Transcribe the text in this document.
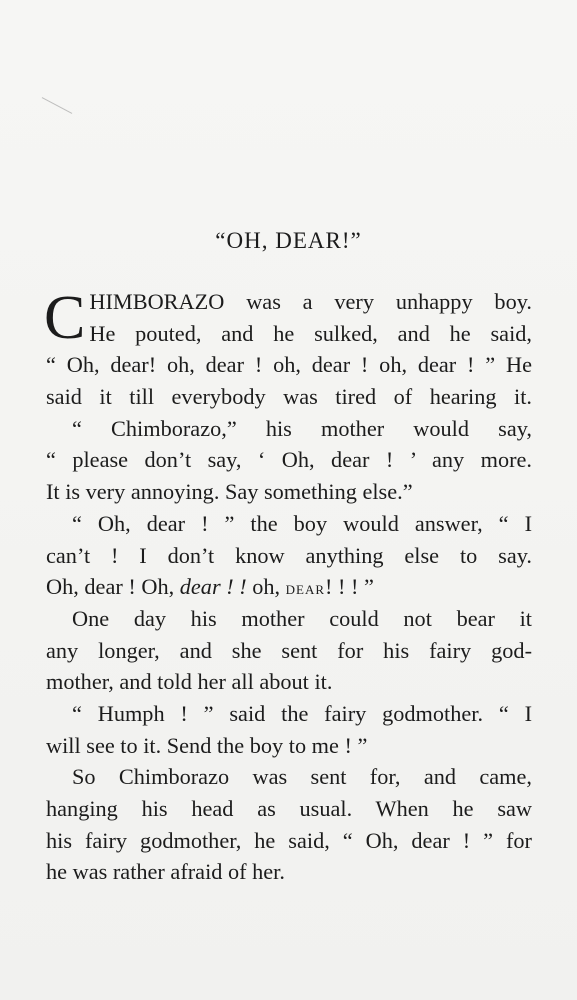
“OH, DEAR!”
C HIMBORAZO was a very unhappy boy.
He pouted, and he sulked, and he said,
“ Oh, dear! oh, dear ! oh, dear ! oh, dear ! ” He
said it till everybody was tired of hearing it.
“ Chimborazo,” his mother would say,
“ please don’t say, ‘ Oh, dear ! ’ any more.
It is very annoying. Say something else.”
“ Oh, dear ! ” the boy would answer, “ I
can’t ! I don’t know anything else to say.
Oh, dear ! Oh, dear ! ! oh, dear! ! ! ”
One day his mother could not bear it
any longer, and she sent for his fairy god-
mother, and told her all about it.
“ Humph ! ” said the fairy godmother. “ I
will see to it. Send the boy to me ! ”
So Chimborazo was sent for, and came,
hanging his head as usual. When he saw
his fairy godmother, he said, “ Oh, dear ! ” for
he was rather afraid of her.
